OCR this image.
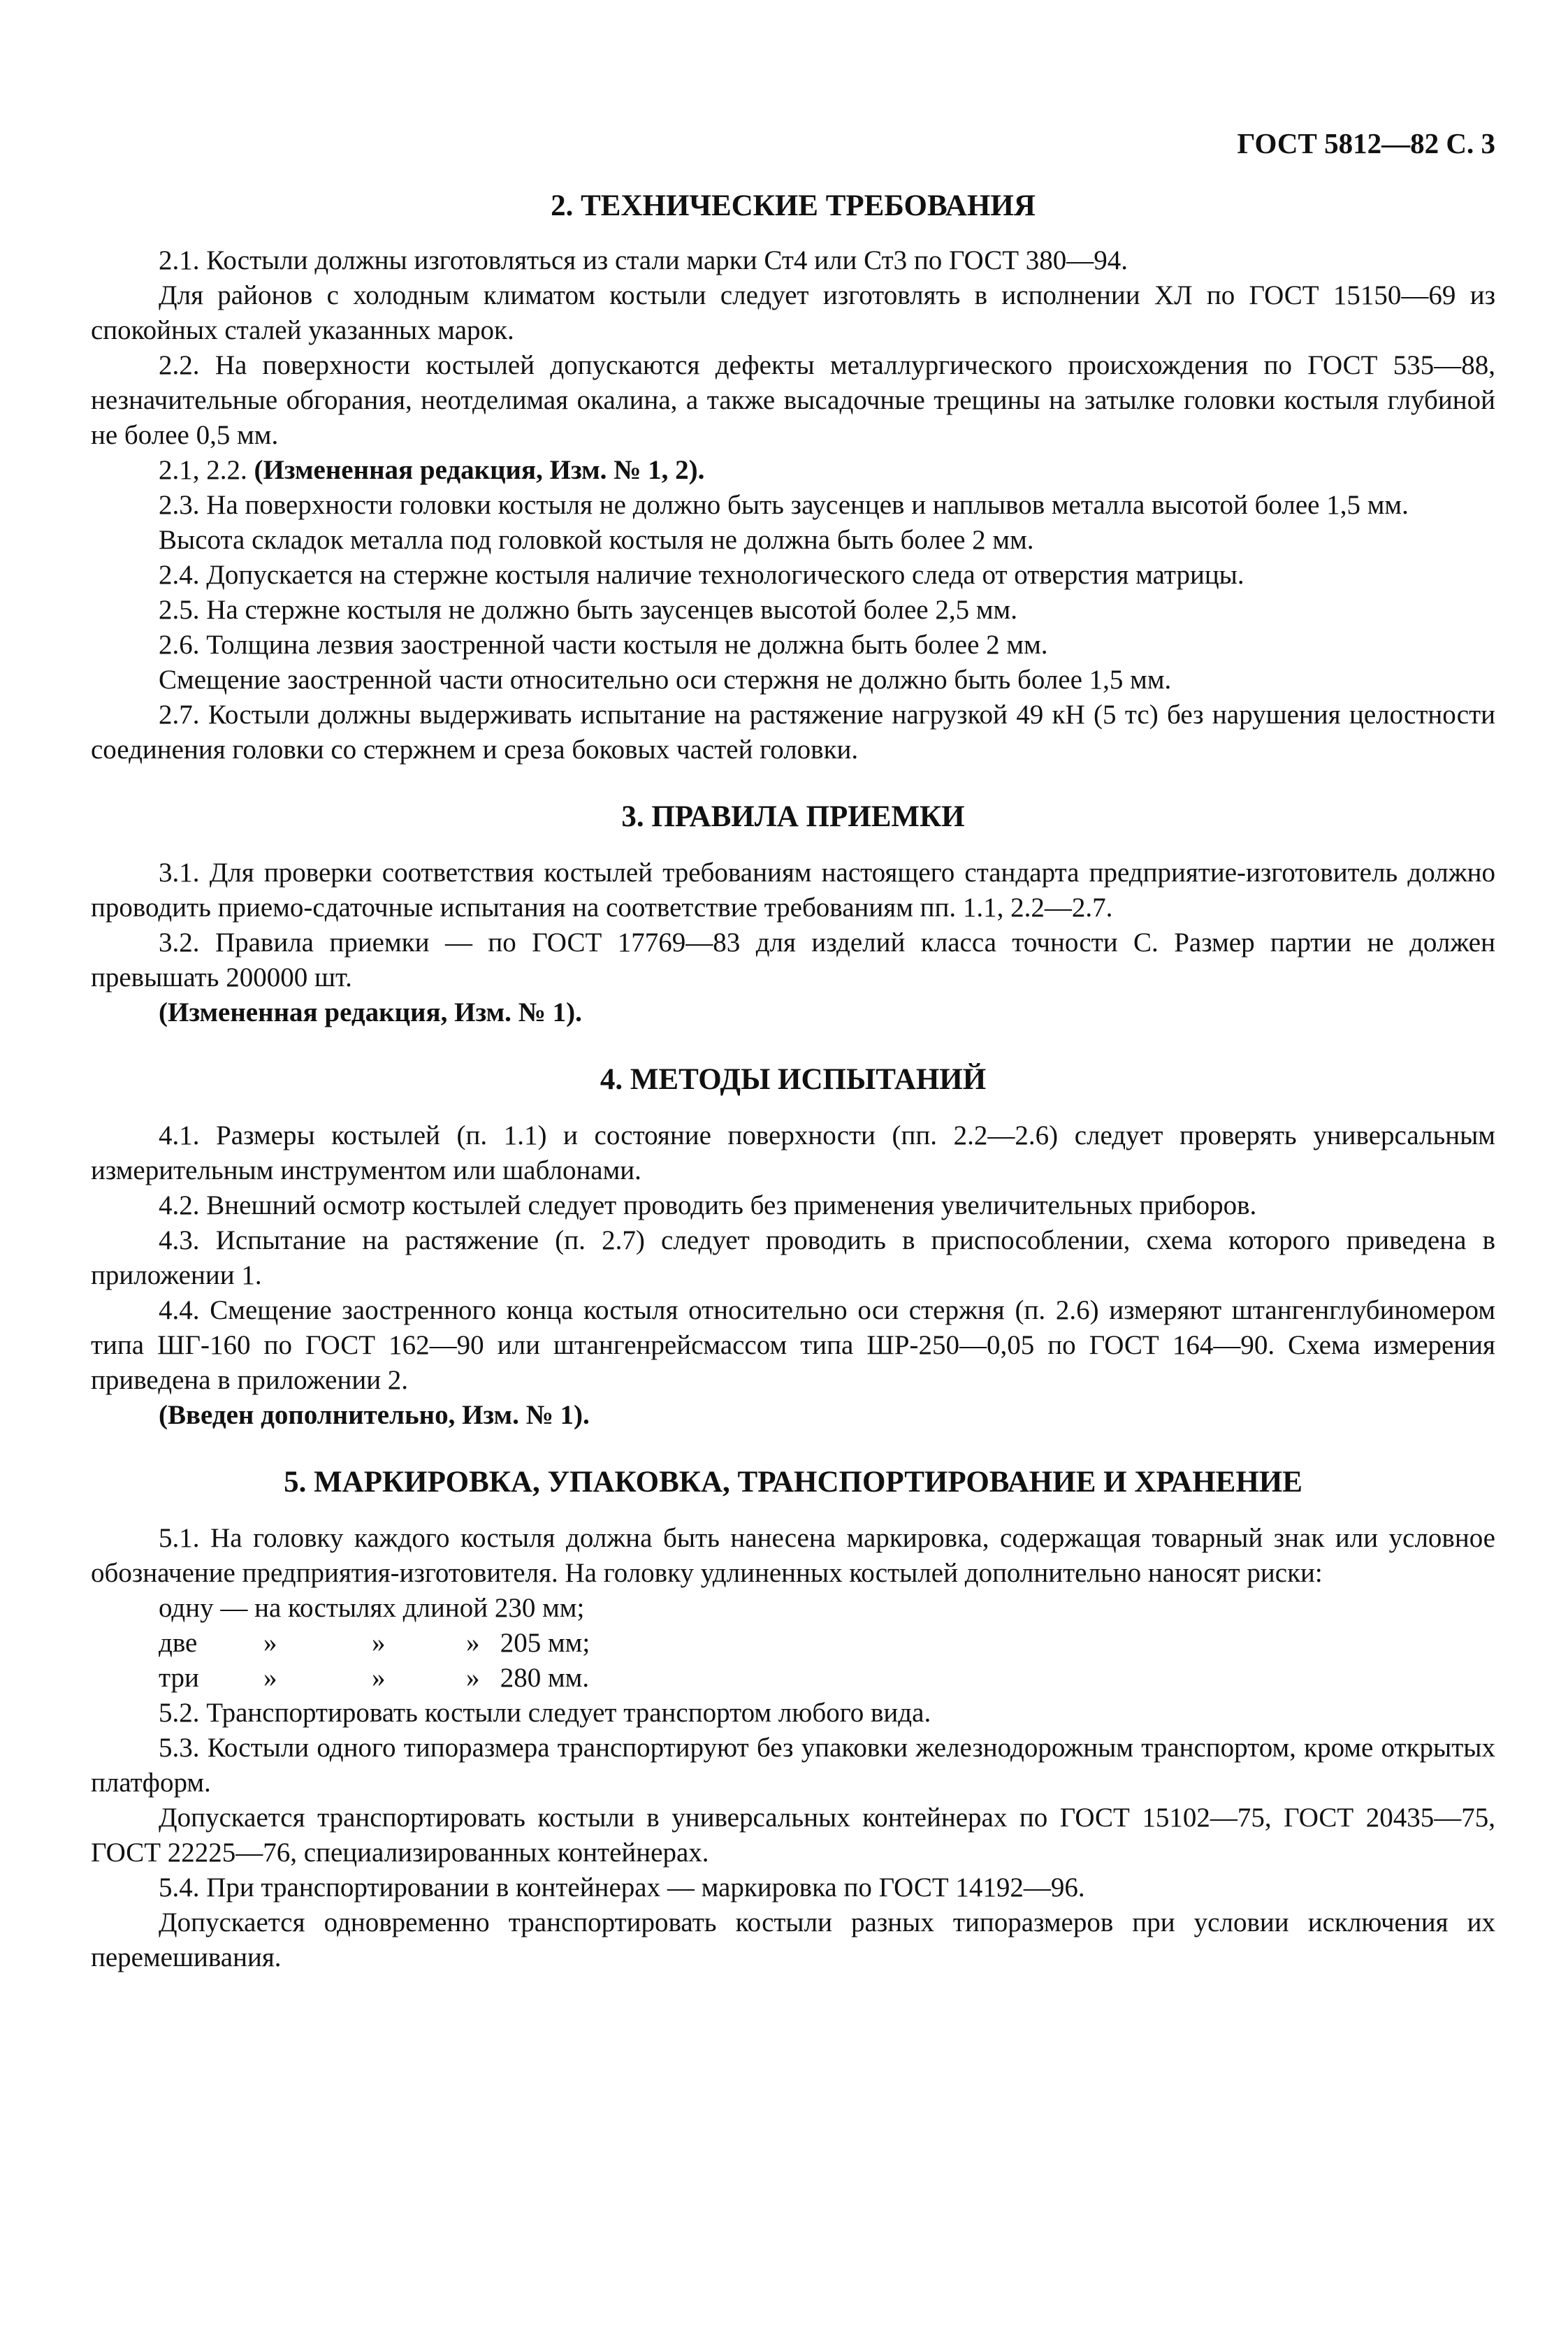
ГОСТ 5812—82 С. 3
2. ТЕХНИЧЕСКИЕ ТРЕБОВАНИЯ

2.1. Костыли должны изготовляться из стали марки Ст4 или Ст3 по ГОСТ 380—94.

Для районов с холодным климатом костыли следует изготовлять в исполнении ХЛ по ГОСТ 15150—69 из спокойных сталей указанных марок.

2.2. На поверхности костылей допускаются дефекты металлургического происхождения по ГОСТ 535—88, незначительные обгорания, неотделимая окалина, а также высадочные трещины на затылке головки костыля глубиной не более 0,5 мм.

2.1, 2.2. (Измененная редакция, Изм. № 1, 2).

2.3. На поверхности головки костыля не должно быть заусенцев и наплывов металла высотой более 1,5 мм.

Высота складок металла под головкой костыля не должна быть более 2 мм.

2.4. Допускается на стержне костыля наличие технологического следа от отверстия матрицы.

2.5. На стержне костыля не должно быть заусенцев высотой более 2,5 мм.

2.6. Толщина лезвия заостренной части костыля не должна быть более 2 мм.

Смещение заостренной части относительно оси стержня не должно быть более 1,5 мм.

2.7. Костыли должны выдерживать испытание на растяжение нагрузкой 49 кН (5 тс) без нарушения целостности соединения головки со стержнем и среза боковых частей головки.

3. ПРАВИЛА ПРИЕМКИ

3.1. Для проверки соответствия костылей требованиям настоящего стандарта предприятие-изготовитель должно проводить приемо-сдаточные испытания на соответствие требованиям пп. 1.1, 2.2—2.7.

3.2. Правила приемки — по ГОСТ 17769—83 для изделий класса точности С. Размер партии не должен превышать 200000 шт.

(Измененная редакция, Изм. № 1).

4. МЕТОДЫ ИСПЫТАНИЙ

4.1. Размеры костылей (п. 1.1) и состояние поверхности (пп. 2.2—2.6) следует проверять универсальным измерительным инструментом или шаблонами.

4.2. Внешний осмотр костылей следует проводить без применения увеличительных приборов.

4.3. Испытание на растяжение (п. 2.7) следует проводить в приспособлении, схема которого приведена в приложении 1.

4.4. Смещение заостренного конца костыля относительно оси стержня (п. 2.6) измеряют штангенглубиномером типа ШГ-160 по ГОСТ 162—90 или штангенрейсмассом типа ШР-250—0,05 по ГОСТ 164—90. Схема измерения приведена в приложении 2.

(Введен дополнительно, Изм. № 1).

5. МАРКИРОВКА, УПАКОВКА, ТРАНСПОРТИРОВАНИЕ И ХРАНЕНИЕ

5.1. На головку каждого костыля должна быть нанесена маркировка, содержащая товарный знак или условное обозначение предприятия-изготовителя. На головку удлиненных костылей дополнительно наносят риски:

одну — на костылях длиной 230 мм;
две	»	»	»   205 мм;
три	»	»	»   280 мм.

5.2. Транспортировать костыли следует транспортом любого вида.

5.3. Костыли одного типоразмера транспортируют без упаковки железнодорожным транспортом, кроме открытых платформ.

Допускается транспортировать костыли в универсальных контейнерах по ГОСТ 15102—75, ГОСТ 20435—75, ГОСТ 22225—76, специализированных контейнерах.

5.4. При транспортировании в контейнерах — маркировка по ГОСТ 14192—96.

Допускается одновременно транспортировать костыли разных типоразмеров при условии исключения их перемешивания.
